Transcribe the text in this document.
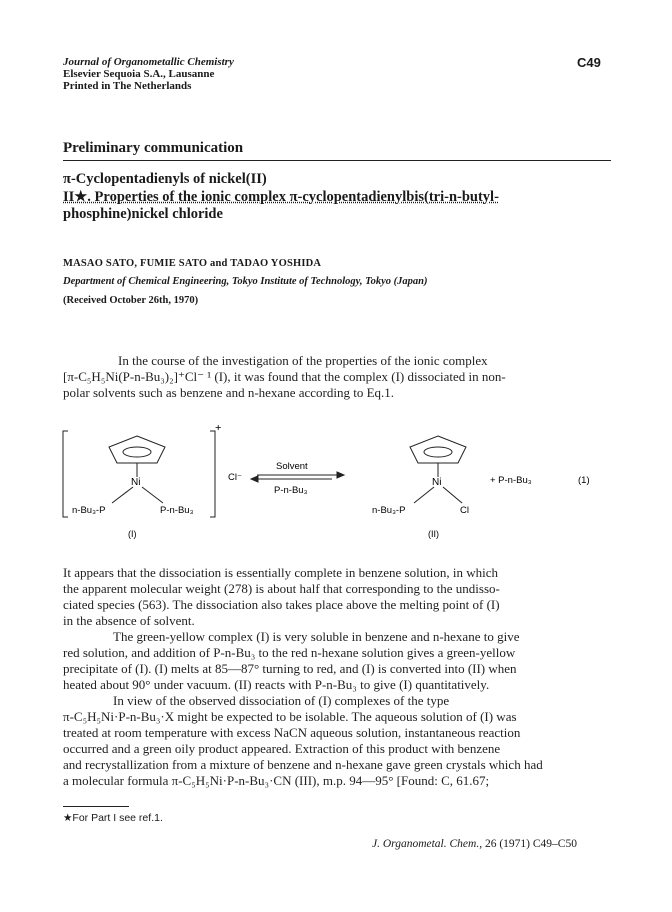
Journal of Organometallic Chemistry
Elsevier Sequoia S.A., Lausanne
Printed in The Netherlands
C49
Preliminary communication
π-Cyclopentadienyls of nickel(II)
II★. Properties of the ionic complex π-cyclopentadienylbis(tri-n-butyl-
phosphine)nickel chloride
MASAO SATO, FUMIE SATO and TADAO YOSHIDA
Department of Chemical Engineering, Tokyo Institute of Technology, Tokyo (Japan)
(Received October 26th, 1970)
In the course of the investigation of the properties of the ionic complex
[π-C₅H₅Ni(P-n-Bu₃)₂]⁺Cl⁻ ¹ (I), it was found that the complex (I) dissociated in non-
polar solvents such as benzene and n-hexane according to Eq.1.
+
Ni
n-Bu₃-P	P-n-Bu₃
Cl⁻
Solvent
P-n-Bu₃
Ni
n-Bu₃-P	Cl
+ P-n-Bu₃	(1)
(I)	(II)
It appears that the dissociation is essentially complete in benzene solution, in which
the apparent molecular weight (278) is about half that corresponding to the undisso-
ciated species (563). The dissociation also takes place above the melting point of (I)
in the absence of solvent.
The green-yellow complex (I) is very soluble in benzene and n-hexane to give
red solution, and addition of P-n-Bu₃ to the red n-hexane solution gives a green-yellow
precipitate of (I). (I) melts at 85—87° turning to red, and (I) is converted into (II) when
heated about 90° under vacuum. (II) reacts with P-n-Bu₃ to give (I) quantitatively.
In view of the observed dissociation of (I) complexes of the type
π-C₅H₅Ni·P-n-Bu₃·X might be expected to be isolable. The aqueous solution of (I) was
treated at room temperature with excess NaCN aqueous solution, instantaneous reaction
occurred and a green oily product appeared. Extraction of this product with benzene
and recrystallization from a mixture of benzene and n-hexane gave green crystals which had
a molecular formula π-C₅H₅Ni·P-n-Bu₃·CN (III), m.p. 94—95° [Found: C, 61.67;
★For Part I see ref.1.
J. Organometal. Chem., 26 (1971) C49–C50
